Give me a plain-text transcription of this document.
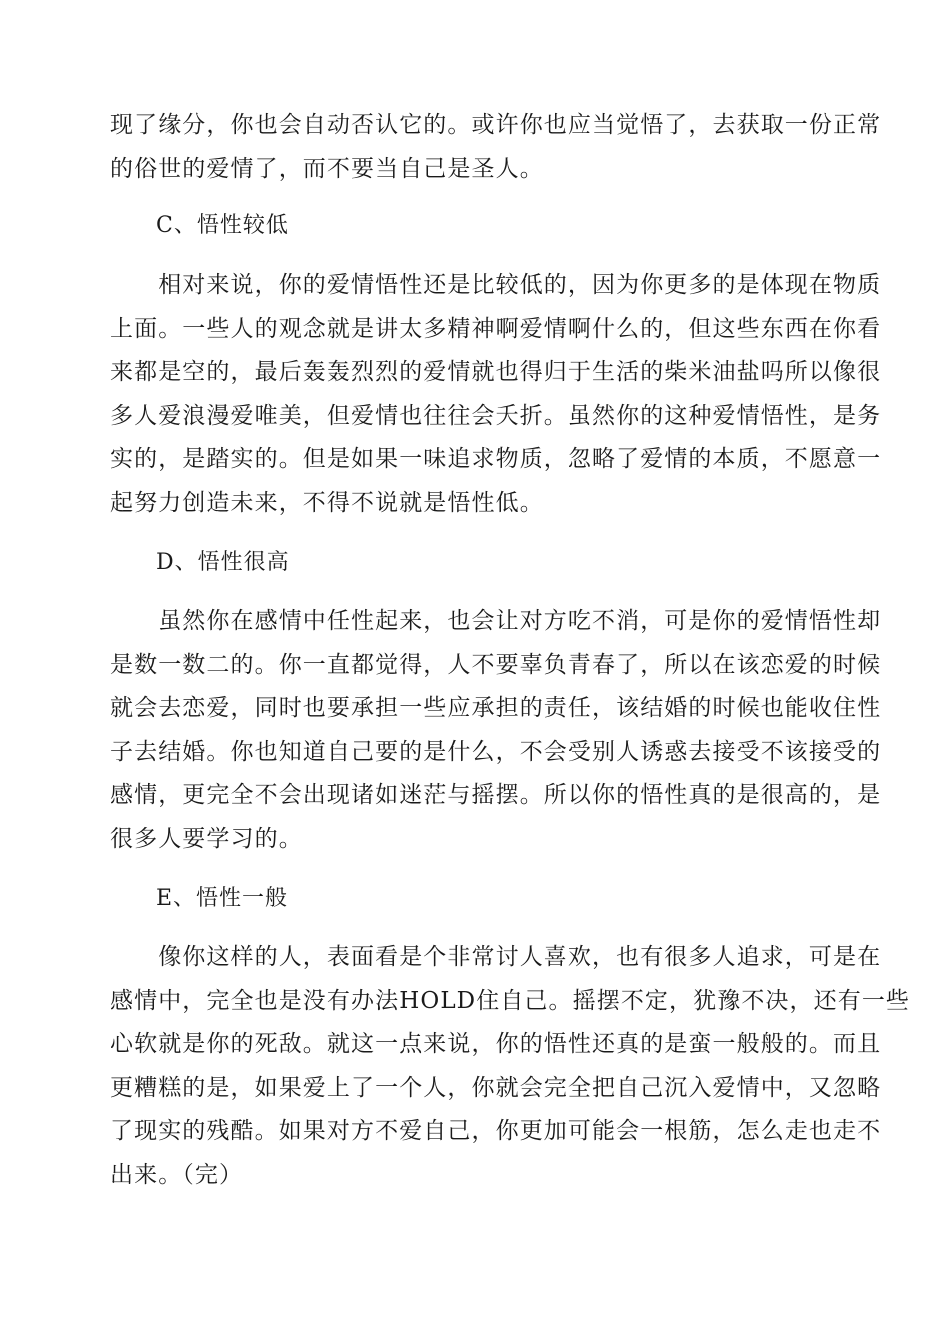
现了缘分，你也会自动否认它的。或许你也应当觉悟了，去获取一份正常
的俗世的爱情了，而不要当自己是圣人。
C、悟性较低
　　相对来说，你的爱情悟性还是比较低的，因为你更多的是体现在物质
上面。一些人的观念就是讲太多精神啊爱情啊什么的，但这些东西在你看
来都是空的，最后轰轰烈烈的爱情就也得归于生活的柴米油盐吗所以像很
多人爱浪漫爱唯美，但爱情也往往会夭折。虽然你的这种爱情悟性，是务
实的，是踏实的。但是如果一味追求物质，忽略了爱情的本质，不愿意一
起努力创造未来，不得不说就是悟性低。
D、悟性很高
　　虽然你在感情中任性起来，也会让对方吃不消，可是你的爱情悟性却
是数一数二的。你一直都觉得，人不要辜负青春了，所以在该恋爱的时候
就会去恋爱，同时也要承担一些应承担的责任，该结婚的时候也能收住性
子去结婚。你也知道自己要的是什么，不会受别人诱惑去接受不该接受的
感情，更完全不会出现诸如迷茫与摇摆。所以你的悟性真的是很高的，是
很多人要学习的。
E、悟性一般
　　像你这样的人，表面看是个非常讨人喜欢，也有很多人追求，可是在
感情中，完全也是没有办法HOLD住自己。摇摆不定，犹豫不决，还有一些
心软就是你的死敌。就这一点来说，你的悟性还真的是蛮一般般的。而且
更糟糕的是，如果爱上了一个人，你就会完全把自己沉入爱情中，又忽略
了现实的残酷。如果对方不爱自己，你更加可能会一根筋，怎么走也走不
出来。（完）
